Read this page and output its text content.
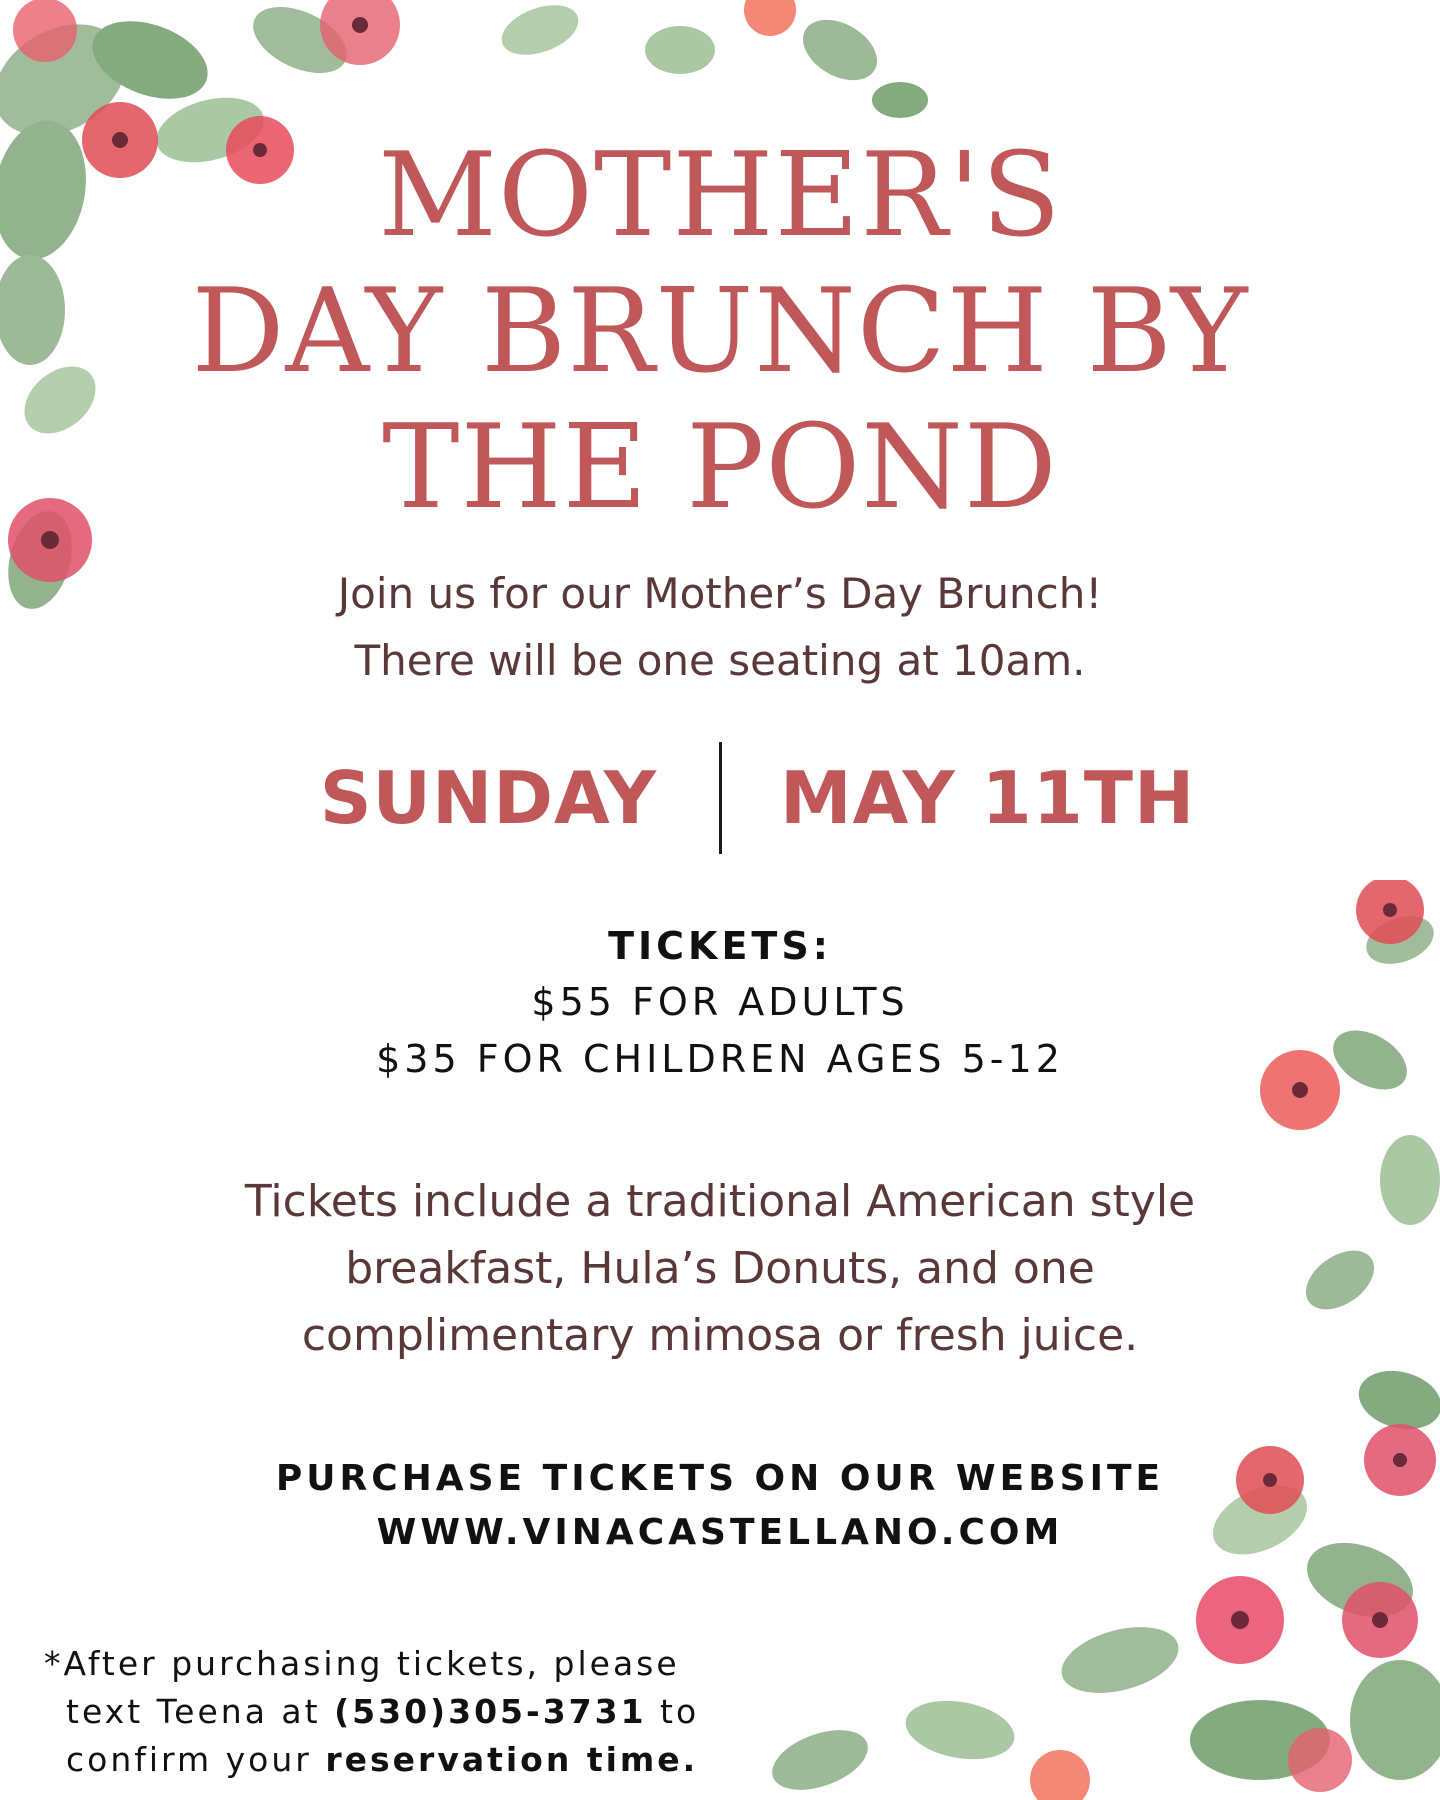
MOTHER'S
DAY BRUNCH BY
THE POND
Join us for our Mother’s Day Brunch!
There will be one seating at 10am.
SUNDAY MAY 11TH
TICKETS:
$55 FOR ADULTS
$35 FOR CHILDREN AGES 5-12
Tickets include a traditional American style
breakfast, Hula’s Donuts, and one
complimentary mimosa or fresh juice.
PURCHASE TICKETS ON OUR WEBSITE
WWW.VINACASTELLANO.COM
*After purchasing tickets, please
text Teena at (530)305-3731 to
confirm your reservation time.
